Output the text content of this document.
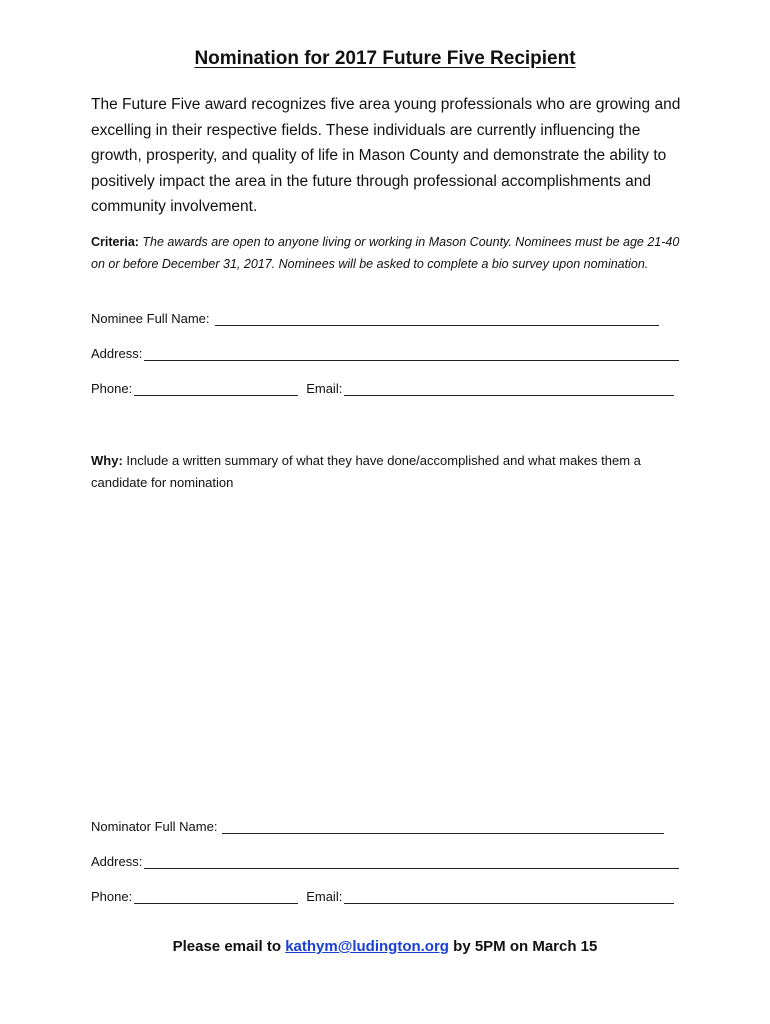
Nomination for 2017 Future Five Recipient
The Future Five award recognizes five area young professionals who are growing and excelling in their respective fields. These individuals are currently influencing the growth, prosperity, and quality of life in Mason County and demonstrate the ability to positively impact the area in the future through professional accomplishments and community involvement.
Criteria: The awards are open to anyone living or working in Mason County. Nominees must be age 21-40 on or before December 31, 2017. Nominees will be asked to complete a bio survey upon nomination.
Nominee Full Name:
Address:
Phone:	Email:
Why: Include a written summary of what they have done/accomplished and what makes them a candidate for nomination
Nominator Full Name:
Address:
Phone:	Email:
Please email to kathym@ludington.org by 5PM on March 15
